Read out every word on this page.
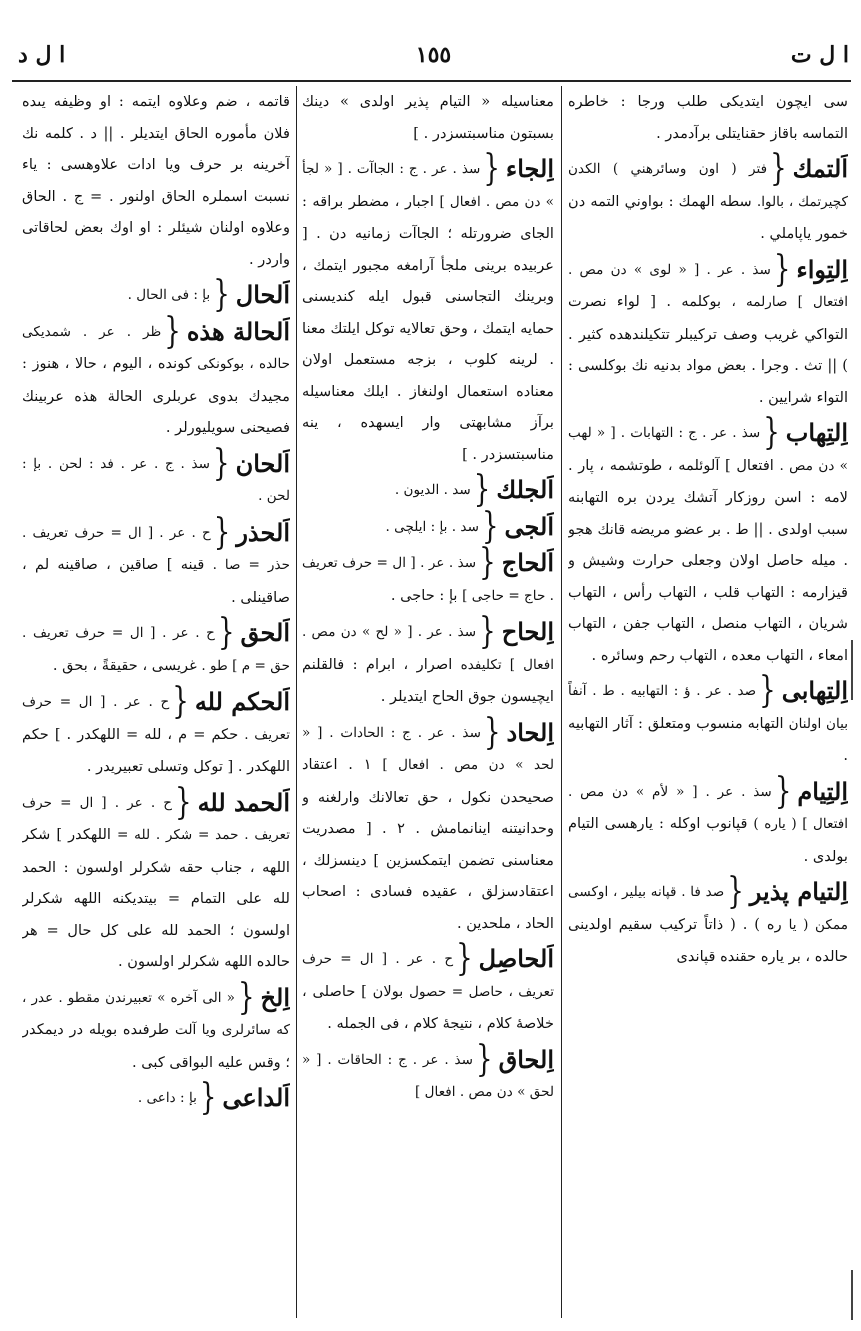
ا ل د	١٥٥	ا ل ت
سى ايچون ايتديكى طلب ورجا : خاطره التماسه باقاز حقنايتلى برآدمدر .
اَلتمك{فتر ( اون وسائرهني ) الكدن كچيرتمك ، بالوا. سطه الهمك : بواوني التمه دن خمور ياپاملي .
اِلتِواء{سذ . عر . [ « لوى » دن مص . افتعال ] صارلمه ، بوكلمه . [ لواء نصرت التواكي غريب وصف تركيبلر تتكيلندهده كثير . ) || تث . وجرا . بعض مواد بدنيه نك بوكلسى : التواء شرايين .
اِلتِهاب{سذ . عر . ج : التهابات . [ « لهب » دن مص . افتعال ] آلوئلمه ، طوتشمه ، پار . لامه : اسن روزكار آتشك يردن بره التهابنه سبب اولدى . || ط . بر عضو مريضه قانك هجو . ميله حاصل اولان وجعلى حرارت وشيش و قيزارمه : التهاب قلب ، التهاب رأس ، التهاب شريان ، التهاب منصل ، التهاب جفن ، التهاب امعاء ، التهاب معده ، التهاب رحم وسائره .
اِلتِهابى{صد . عر . ؤ : التهابيه . ط . آنفاً بيان اولنان التهابه منسوب ومتعلق : آثار التهابيه .
اِلتِيام{سذ . عر . [ « لأم » دن مص . افتعال ] ( ياره ) قپانوب اوكله : يارهسى التيام بولدى .
اِلتيام پذير{صد فا . قپانه بيلير ، اوكسى ممكن ( يا ره ) . ( ذاتاً تركيب سقيم اولدينى حالده ، بر ياره حقنده قپاندى
معناسيله « التيام پذير اولدى » دينك بسبتون مناسبتسزدر . ]
اِلجاء{سذ . عر . ج : الجاآت . [ « لجأ » دن مص . افعال ] اجبار ، مضطر براقه : الجاى ضرورتله ؛ الجاآت زمانيه دن . [ عربيده برينى ملجأ آرامغه مجبور ايتمك ، وبرينك التجاسنى قبول ايله كنديسنى حمايه ايتمك ، وحق تعالايه توكل ايلتك معنا . لرينه كلوب ، بزجه مستعمل اولان معناده استعمال اولنغاز . ايلك معناسيله برآز مشابهتى وار ايسهده ، ينه مناسبتسزدر . ]
اَلجلك{سد . الديون .
اَلجى{سد . بإ : ايلچى .
اَلحاج{سذ . عر . [ ال = حرف تعريف . حاج = حاجى ] بإ : حاجى .
اِلحاح{سذ . عر . [ « لح » دن مص . افعال ] تكليفده اصرار ، ابرام : فالقلنم ايچيسون جوق الحاح ايتديلر .
اِلحاد{سذ . عر . ج : الحادات . [ « لحد » دن مص . افعال ] ١ . اعتقاد صحيحدن نكول ، حق تعالانك وارلغنه و وحدانيتنه اينانمامش . ٢ . [ مصدريت معناسنى تضمن ايتمكسزين ] دينسزلك ، اعتقادسزلق ، عقيده فسادى : اصحاب الحاد ، ملحدين .
اَلحاصِل{ح . عر . [ ال = حرف تعريف ، حاصل = حصول بولان ] حاصلى ، خلاصهٔ كلام ، نتيجهٔ كلام ، فى الجمله .
اِلحاق{سذ . عر . ج : الحاقات . [ « لحق » دن مص . افعال ]
قاتمه ، ضم وعلاوه ايتمه : او وظيفه يىده فلان مأموره الحاق ايتديلر . || د . كلمه نك آخرينه بر حرف ويا ادات علاوهسى : ياء نسبت اسملره الحاق اولنور . = ج . الحاق وعلاوه اولنان شيئلر : او اوك بعض لحاقاتى واردر .
اَلحال{بإ : فى الحال .
اَلحالة هذه{ظر . عر . شمديكى حالده ، بوكونكى كونده ، اليوم ، حالا ، هنوز : مجيدك بدوى عربلرى الحالة هذه عربينك فصيحنى سويليورلر .
اَلحان{سذ . ج . عر . فد : لحن . بإ : لحن .
اَلحذر{ح . عر . [ ال = حرف تعريف . حذر = صا . قينه ] صاقين ، صاقينه لم ، صاقينلى .
اَلحق{ح . عر . [ ال = حرف تعريف . حق = م ] طو . غريسى ، حقيقةً ، بحق .
اَلحكم لله{ح . عر . [ ال = حرف تعريف . حكم = م ، لله = اللهكدر . ] حكم اللهكدر . [ توكل وتسلى تعبيريدر .
اَلحمد لله{ح . عر . [ ال = حرف تعريف . حمد = شكر . لله = اللهكدر ] شكر اللهه ، جناب حقه شكرلر اولسون : الحمد لله على التمام = بيتديكنه اللهه شكرلر اولسون ؛ الحمد لله على كل حال = هر حالده اللهه شكرلر اولسون .
اِلخ{« الى آخره » تعبيرندن مقطو . عدر ، كه سائرلرى ويا آلت طرفىده بويله در ديمكدر ؛ وقس عليه البواقى كبى .
اَلداعى{بإ : داعى .
